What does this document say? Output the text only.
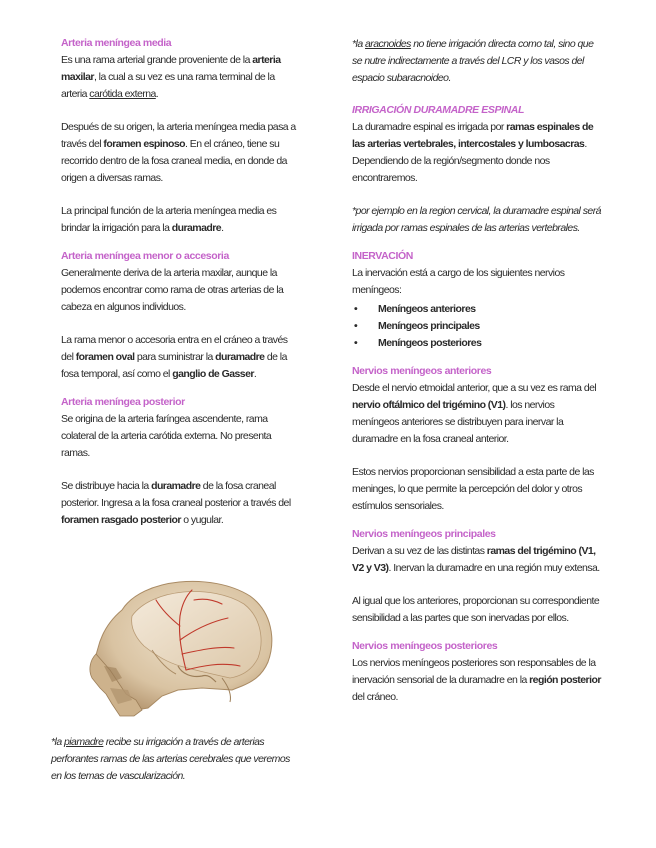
Arteria meníngea media

Es una rama arterial grande proveniente de la arteria maxilar, la cual a su vez es una rama terminal de la arteria carótida externa.

Después de su origen, la arteria meníngea media pasa a través del foramen espinoso. En el cráneo, tiene su recorrido dentro de la fosa craneal media, en donde da origen a diversas ramas.

La principal función de la arteria meníngea media es brindar la irrigación para la duramadre.

Arteria meníngea menor o accesoria

Generalmente deriva de la arteria maxilar, aunque la podemos encontrar como rama de otras arterias de la cabeza en algunos individuos.

La rama menor o accesoria entra en el cráneo a través del foramen oval para suministrar la duramadre de la fosa temporal, así como el ganglio de Gasser.

Arteria meníngea posterior

Se origina de la arteria faríngea ascendente, rama colateral de la arteria carótida externa. No presenta ramas.

Se distribuye hacia la duramadre de la fosa craneal posterior. Ingresa a la fosa craneal posterior a través del foramen rasgado posterior o yugular.

*la piamadre recibe su irrigación a través de arterias perforantes ramas de las arterias cerebrales que veremos en los temas de vascularización.

*la aracnoides no tiene irrigación directa como tal, sino que se nutre indirectamente a través del LCR y los vasos del espacio subaracnoideo.

IRRIGACIÓN DURAMADRE ESPINAL

La duramadre espinal es irrigada por ramas espinales de las arterias vertebrales, intercostales y lumbosacras. Dependiendo de la región/segmento donde nos encontraremos.

*por ejemplo en la region cervical, la duramadre espinal será irrigada por ramas espinales de las arterias vertebrales.

INERVACIÓN

La inervación está a cargo de los siguientes nervios meníngeos:

• Meníngeos anteriores
• Meníngeos principales
• Meníngeos posteriores
Nervios meníngeos anteriores

Desde el nervio etmoidal anterior, que a su vez es rama del nervio oftálmico del trigémino (V1). los nervios meníngeos anteriores se distribuyen para inervar la duramadre en la fosa craneal anterior.

Estos nervios proporcionan sensibilidad a esta parte de las meninges, lo que permite la percepción del dolor y otros estímulos sensoriales.

Nervios meníngeos principales

Derivan a su vez de las distintas ramas del trigémino (V1, V2 y V3). Inervan la duramadre en una región muy extensa.

Al igual que los anteriores, proporcionan su correspondiente sensibilidad a las partes que son inervadas por ellos.

Nervios meníngeos posteriores

Los nervios meníngeos posteriores son responsables de la inervación sensorial de la duramadre en la región posterior del cráneo.
